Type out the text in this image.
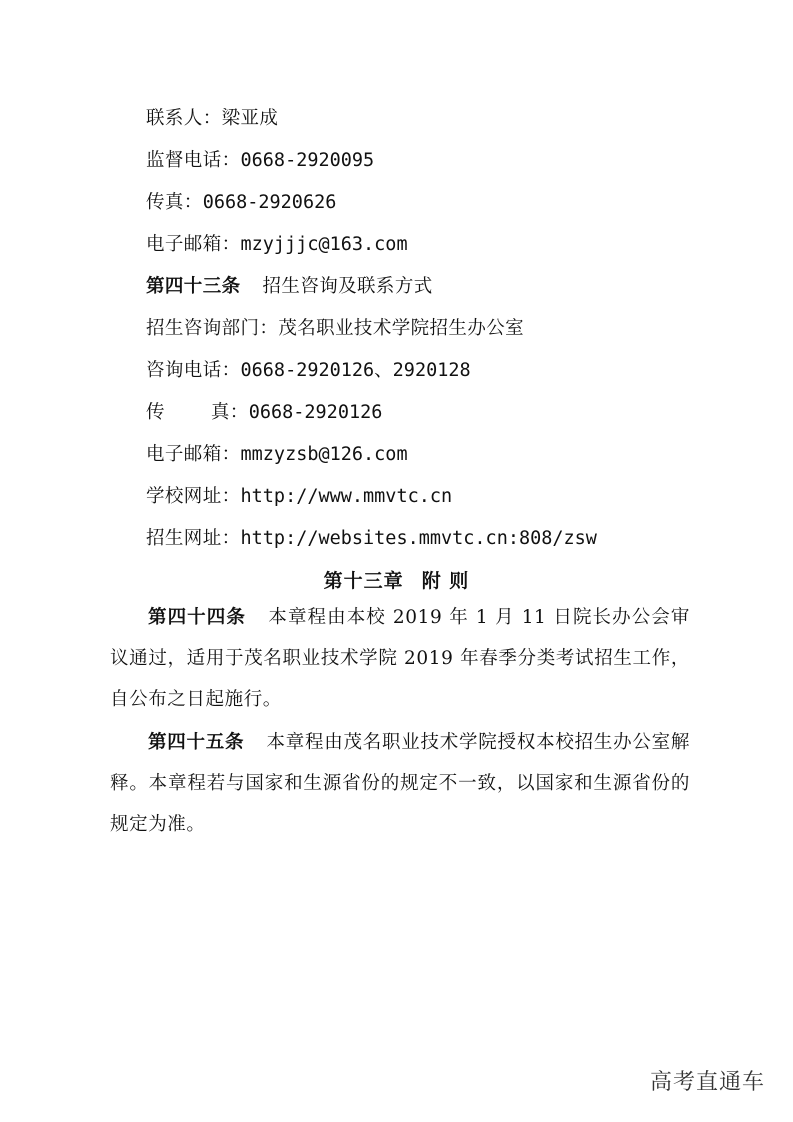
联系人：梁亚成
监督电话：0668-2920095
传真：0668-2920626
电子邮箱：mzyjjjc@163.com
第四十三条 招生咨询及联系方式
招生咨询部门：茂名职业技术学院招生办公室
咨询电话：0668-2920126、2920128
传 真：0668-2920126
电子邮箱：mmzyzsb@126.com
学校网址：http://www.mmvtc.cn
招生网址：http://websites.mmvtc.cn:808/zsw
第十三章 附 则
第四十四条 本章程由本校 2019 年 1 月 11 日院长办公会审议通过，适用于茂名职业技术学院 2019 年春季分类考试招生工作，自公布之日起施行。
第四十五条 本章程由茂名职业技术学院授权本校招生办公室解释。本章程若与国家和生源省份的规定不一致，以国家和生源省份的规定为准。
高考直通车
